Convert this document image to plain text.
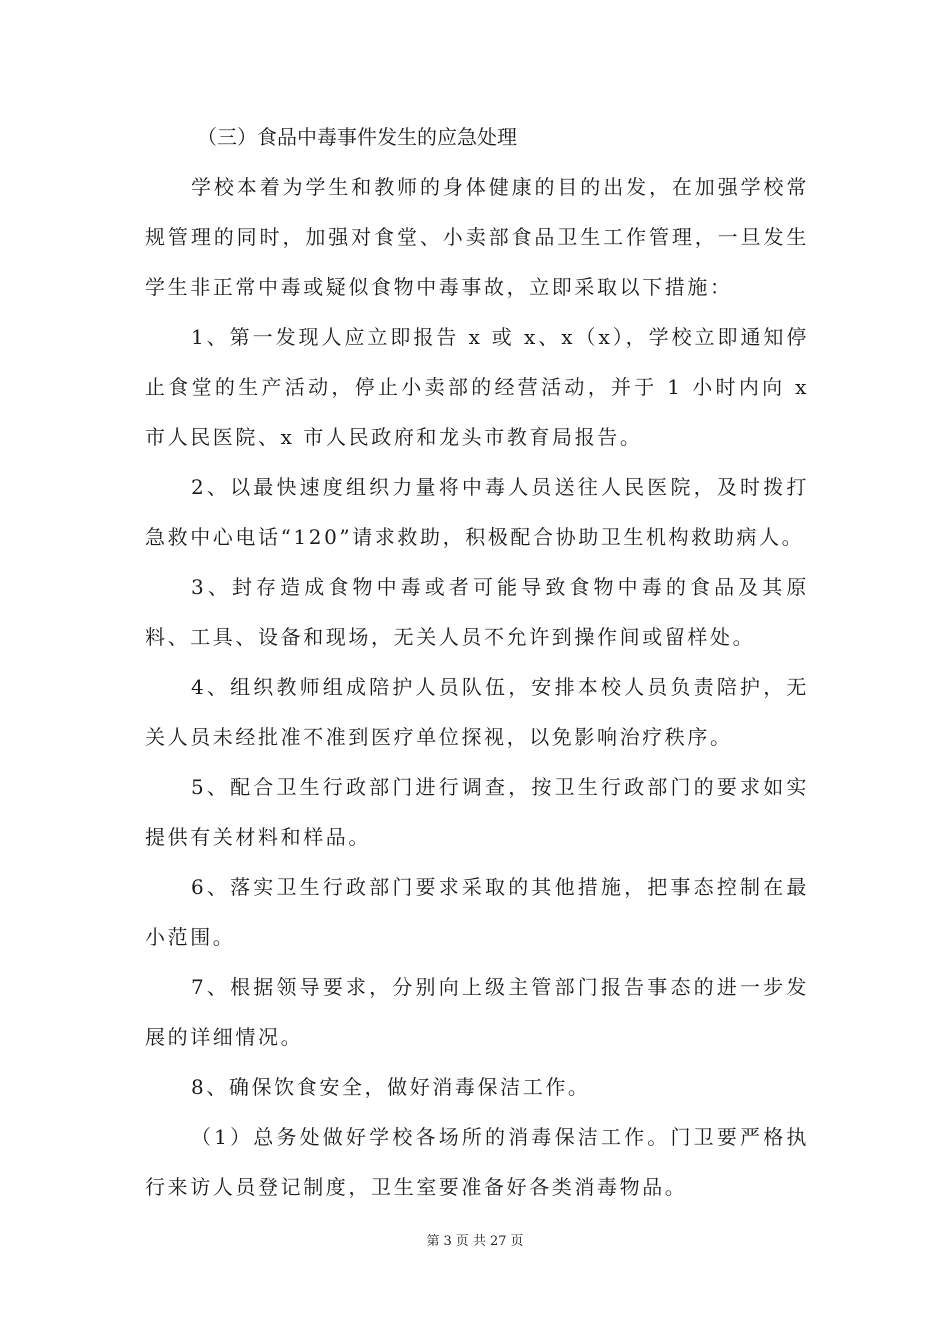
（三）食品中毒事件发生的应急处理

学校本着为学生和教师的身体健康的目的出发，在加强学校常规管理的同时，加强对食堂、小卖部食品卫生工作管理，一旦发生学生非正常中毒或疑似食物中毒事故，立即采取以下措施：

1、第一发现人应立即报告 x 或 x、x（x），学校立即通知停止食堂的生产活动，停止小卖部的经营活动，并于 1 小时内向 x 市人民医院、x 市人民政府和龙头市教育局报告。

2、以最快速度组织力量将中毒人员送往人民医院，及时拨打急救中心电话“120”请求救助，积极配合协助卫生机构救助病人。

3、封存造成食物中毒或者可能导致食物中毒的食品及其原料、工具、设备和现场，无关人员不允许到操作间或留样处。

4、组织教师组成陪护人员队伍，安排本校人员负责陪护，无关人员未经批准不准到医疗单位探视，以免影响治疗秩序。

5、配合卫生行政部门进行调查，按卫生行政部门的要求如实提供有关材料和样品。

6、落实卫生行政部门要求采取的其他措施，把事态控制在最小范围。

7、根据领导要求，分别向上级主管部门报告事态的进一步发展的详细情况。

8、确保饮食安全，做好消毒保洁工作。

（1）总务处做好学校各场所的消毒保洁工作。门卫要严格执行来访人员登记制度，卫生室要准备好各类消毒物品。

第 3 页 共 27 页
